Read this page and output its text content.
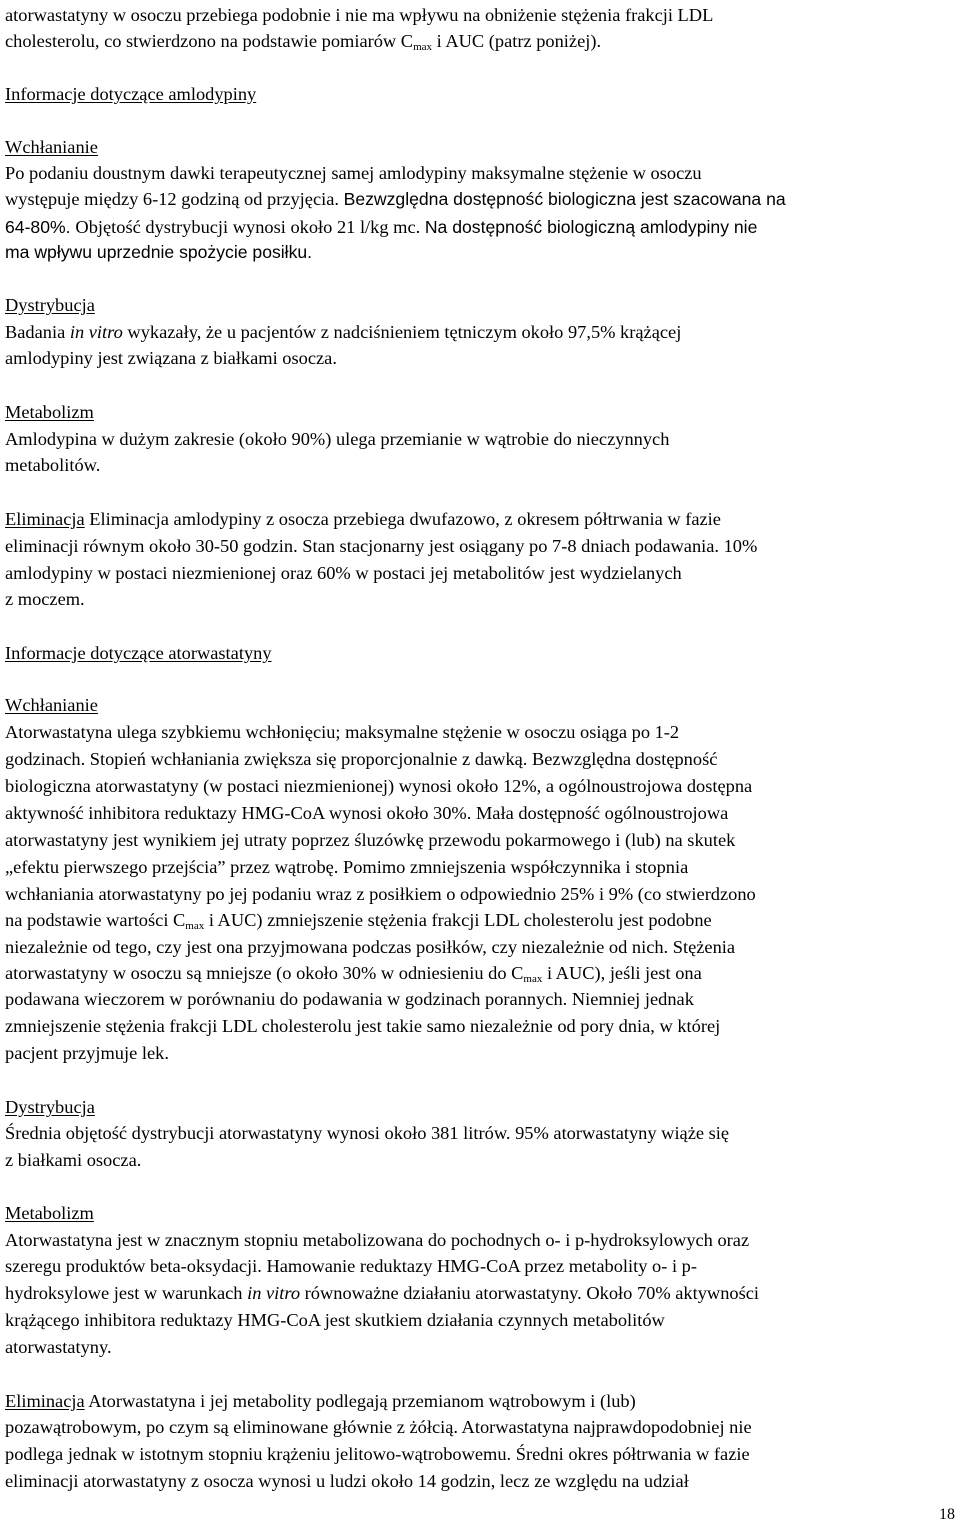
atorwastatyny w osoczu przebiega podobnie i nie ma wpływu na obniżenie stężenia frakcji LDL
cholesterolu, co stwierdzono na podstawie pomiarów $C_{max}$ i AUC (patrz poniżej).
Informacje dotyczące amlodypiny
Wchłanianie
Po podaniu doustnym dawki terapeutycznej samej amlodypiny maksymalne stężenie w osoczu
występuje między 6-12 godziną od przyjęcia. Bezwzględna dostępność biologiczna jest szacowana na
64-80%. Objętość dystrybucji wynosi około 21 l/kg mc. Na dostępność biologiczną amlodypiny nie
ma wpływu uprzednie spożycie posiłku.
Dystrybucja
Badania in vitro wykazały, że u pacjentów z nadciśnieniem tętniczym około 97,5% krążącej
amlodypiny jest związana z białkami osocza.
Metabolizm
Amlodypina w dużym zakresie (około 90%) ulega przemianie w wątrobie do nieczynnych
metabolitów.
Eliminacja Eliminacja amlodypiny z osocza przebiega dwufazowo, z okresem półtrwania w fazie
eliminacji równym około 30-50 godzin. Stan stacjonarny jest osiągany po 7-8 dniach podawania. 10%
amlodypiny w postaci niezmienionej oraz 60% w postaci jej metabolitów jest wydzielanych
z moczem.
Informacje dotyczące atorwastatyny
Wchłanianie
Atorwastatyna ulega szybkiemu wchłonięciu; maksymalne stężenie w osoczu osiąga po 1-2
godzinach. Stopień wchłaniania zwiększa się proporcjonalnie z dawką. Bezwzględna dostępność
biologiczna atorwastatyny (w postaci niezmienionej) wynosi około 12%, a ogólnoustrojowa dostępna
aktywność inhibitora reduktazy HMG-CoA wynosi około 30%. Mała dostępność ogólnoustrojowa
atorwastatyny jest wynikiem jej utraty poprzez śluzówkę przewodu pokarmowego i (lub) na skutek
„efektu pierwszego przejścia” przez wątrobę. Pomimo zmniejszenia współczynnika i stopnia
wchłaniania atorwastatyny po jej podaniu wraz z posiłkiem o odpowiednio 25% i 9% (co stwierdzono
na podstawie wartości $C_{max}$ i AUC) zmniejszenie stężenia frakcji LDL cholesterolu jest podobne
niezależnie od tego, czy jest ona przyjmowana podczas posiłków, czy niezależnie od nich. Stężenia
atorwastatyny w osoczu są mniejsze (o około 30% w odniesieniu do $C_{max}$ i AUC), jeśli jest ona
podawana wieczorem w porównaniu do podawania w godzinach porannych. Niemniej jednak
zmniejszenie stężenia frakcji LDL cholesterolu jest takie samo niezależnie od pory dnia, w której
pacjent przyjmuje lek.
Dystrybucja
Średnia objętość dystrybucji atorwastatyny wynosi około 381 litrów. 95% atorwastatyny wiąże się
z białkami osocza.
Metabolizm
Atorwastatyna jest w znacznym stopniu metabolizowana do pochodnych o- i p-hydroksylowych oraz
szeregu produktów beta-oksydacji. Hamowanie reduktazy HMG-CoA przez metabolity o- i p-
hydroksylowe jest w warunkach in vitro równoważne działaniu atorwastatyny. Około 70% aktywności
krążącego inhibitora reduktazy HMG-CoA jest skutkiem działania czynnych metabolitów
atorwastatyny.
Eliminacja Atorwastatyna i jej metabolity podlegają przemianom wątrobowym i (lub)
pozawątrobowym, po czym są eliminowane głównie z żółcią. Atorwastatyna najprawdopodobniej nie
podlega jednak w istotnym stopniu krążeniu jelitowo-wątrobowemu. Średni okres półtrwania w fazie
eliminacji atorwastatyny z osocza wynosi u ludzi około 14 godzin, lecz ze względu na udział
18
